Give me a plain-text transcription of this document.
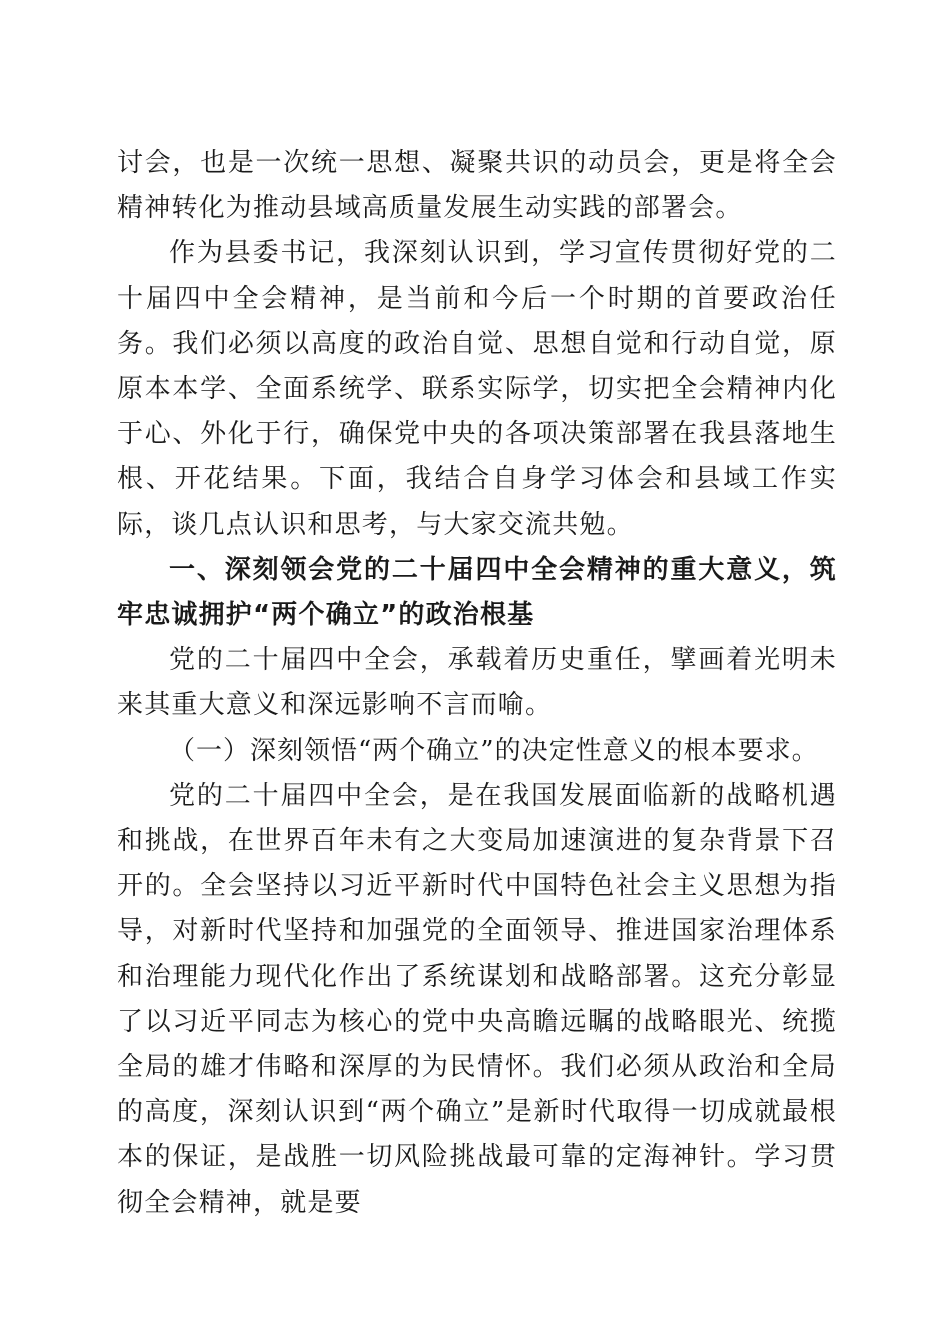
讨会，也是一次统一思想、凝聚共识的动员会，更是将全会精神转化为推动县域高质量发展生动实践的部署会。

作为县委书记，我深刻认识到，学习宣传贯彻好党的二十届四中全会精神，是当前和今后一个时期的首要政治任务。我们必须以高度的政治自觉、思想自觉和行动自觉，原原本本学、全面系统学、联系实际学，切实把全会精神内化于心、外化于行，确保党中央的各项决策部署在我县落地生根、开花结果。下面，我结合自身学习体会和县域工作实际，谈几点认识和思考，与大家交流共勉。

一、深刻领会党的二十届四中全会精神的重大意义，筑牢忠诚拥护“两个确立”的政治根基

党的二十届四中全会，承载着历史重任，擘画着光明未来其重大意义和深远影响不言而喻。

（一）深刻领悟“两个确立”的决定性意义的根本要求。

党的二十届四中全会，是在我国发展面临新的战略机遇和挑战，在世界百年未有之大变局加速演进的复杂背景下召开的。全会坚持以习近平新时代中国特色社会主义思想为指导，对新时代坚持和加强党的全面领导、推进国家治理体系和治理能力现代化作出了系统谋划和战略部署。这充分彰显了以习近平同志为核心的党中央高瞻远瞩的战略眼光、统揽全局的雄才伟略和深厚的为民情怀。我们必须从政治和全局的高度，深刻认识到“两个确立”是新时代取得一切成就最根本的保证，是战胜一切风险挑战最可靠的定海神针。学习贯彻全会精神，就是要
